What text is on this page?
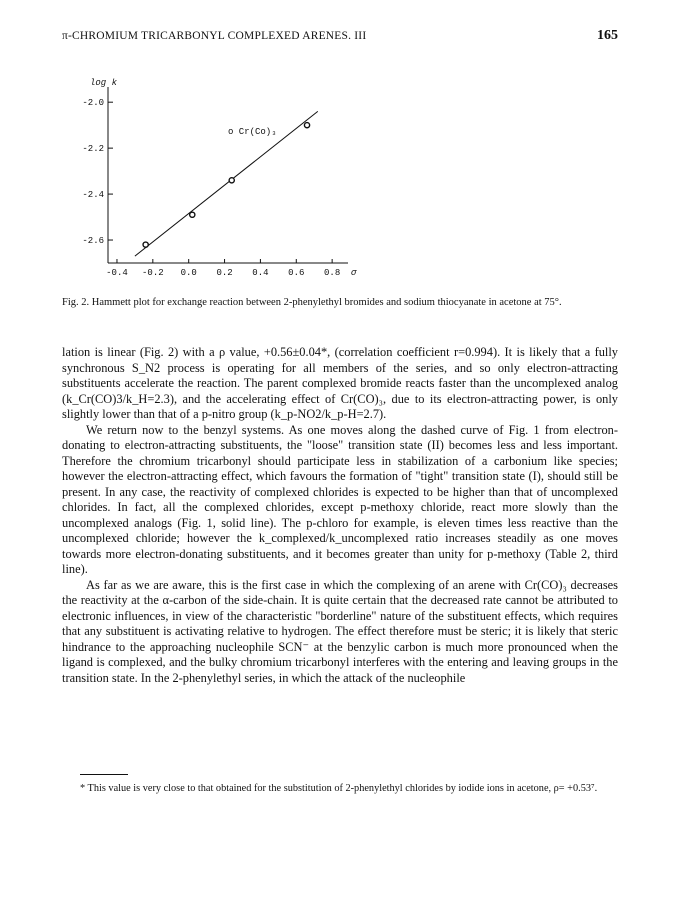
π-CHROMIUM TRICARBONYL COMPLEXED ARENES. III	165
log k
-2.0
-2.2
-2.4
-2.6
-0.4 -0.2 0.0 0.2 0.4 0.6 0.8 σ
o Cr(Co)₃
Fig. 2. Hammett plot for exchange reaction between 2-phenylethyl bromides and sodium thiocyanate in acetone at 75°.

lation is linear (Fig. 2) with a ρ value, +0.56±0.04*, (correlation coefficient r=0.994). It is likely that a fully synchronous S_N2 process is operating for all members of the series, and so only electron-attracting substituents accelerate the reaction. The parent complexed bromide reacts faster than the uncomplexed analog (k_Cr(CO)3/k_H=2.3), and the accelerating effect of Cr(CO)₃, due to its electron-attracting power, is only slightly lower than that of a p-nitro group (k_p-NO2/k_p-H=2.7).

We return now to the benzyl systems. As one moves along the dashed curve of Fig. 1 from electron-donating to electron-attracting substituents, the "loose" transition state (II) becomes less and less important. Therefore the chromium tricarbonyl should participate less in stabilization of a carbonium like species; however the electron-attracting effect, which favours the formation of "tight" transition state (I), should still be present. In any case, the reactivity of complexed chlorides is expected to be higher than that of uncomplexed chlorides. In fact, all the complexed chlorides, except p-methoxy chloride, react more slowly than the uncomplexed analogs (Fig. 1, solid line). The p-chloro for example, is eleven times less reactive than the uncomplexed chloride; however the k_complexed/k_uncomplexed ratio increases steadily as one moves towards more electron-donating substituents, and it becomes greater than unity for p-methoxy (Table 2, third line).

As far as we are aware, this is the first case in which the complexing of an arene with Cr(CO)₃ decreases the reactivity at the α-carbon of the side-chain. It is quite certain that the decreased rate cannot be attributed to electronic influences, in view of the characteristic "borderline" nature of the substituent effects, which requires that any substituent is activating relative to hydrogen. The effect therefore must be steric; it is likely that steric hindrance to the approaching nucleophile SCN⁻ at the benzylic carbon is much more pronounced when the ligand is complexed, and the bulky chromium tricarbonyl interferes with the entering and leaving groups in the transition state. In the 2-phenylethyl series, in which the attack of the nucleophile

* This value is very close to that obtained for the substitution of 2-phenylethyl chlorides by iodide ions in acetone, ρ= +0.53⁷.
